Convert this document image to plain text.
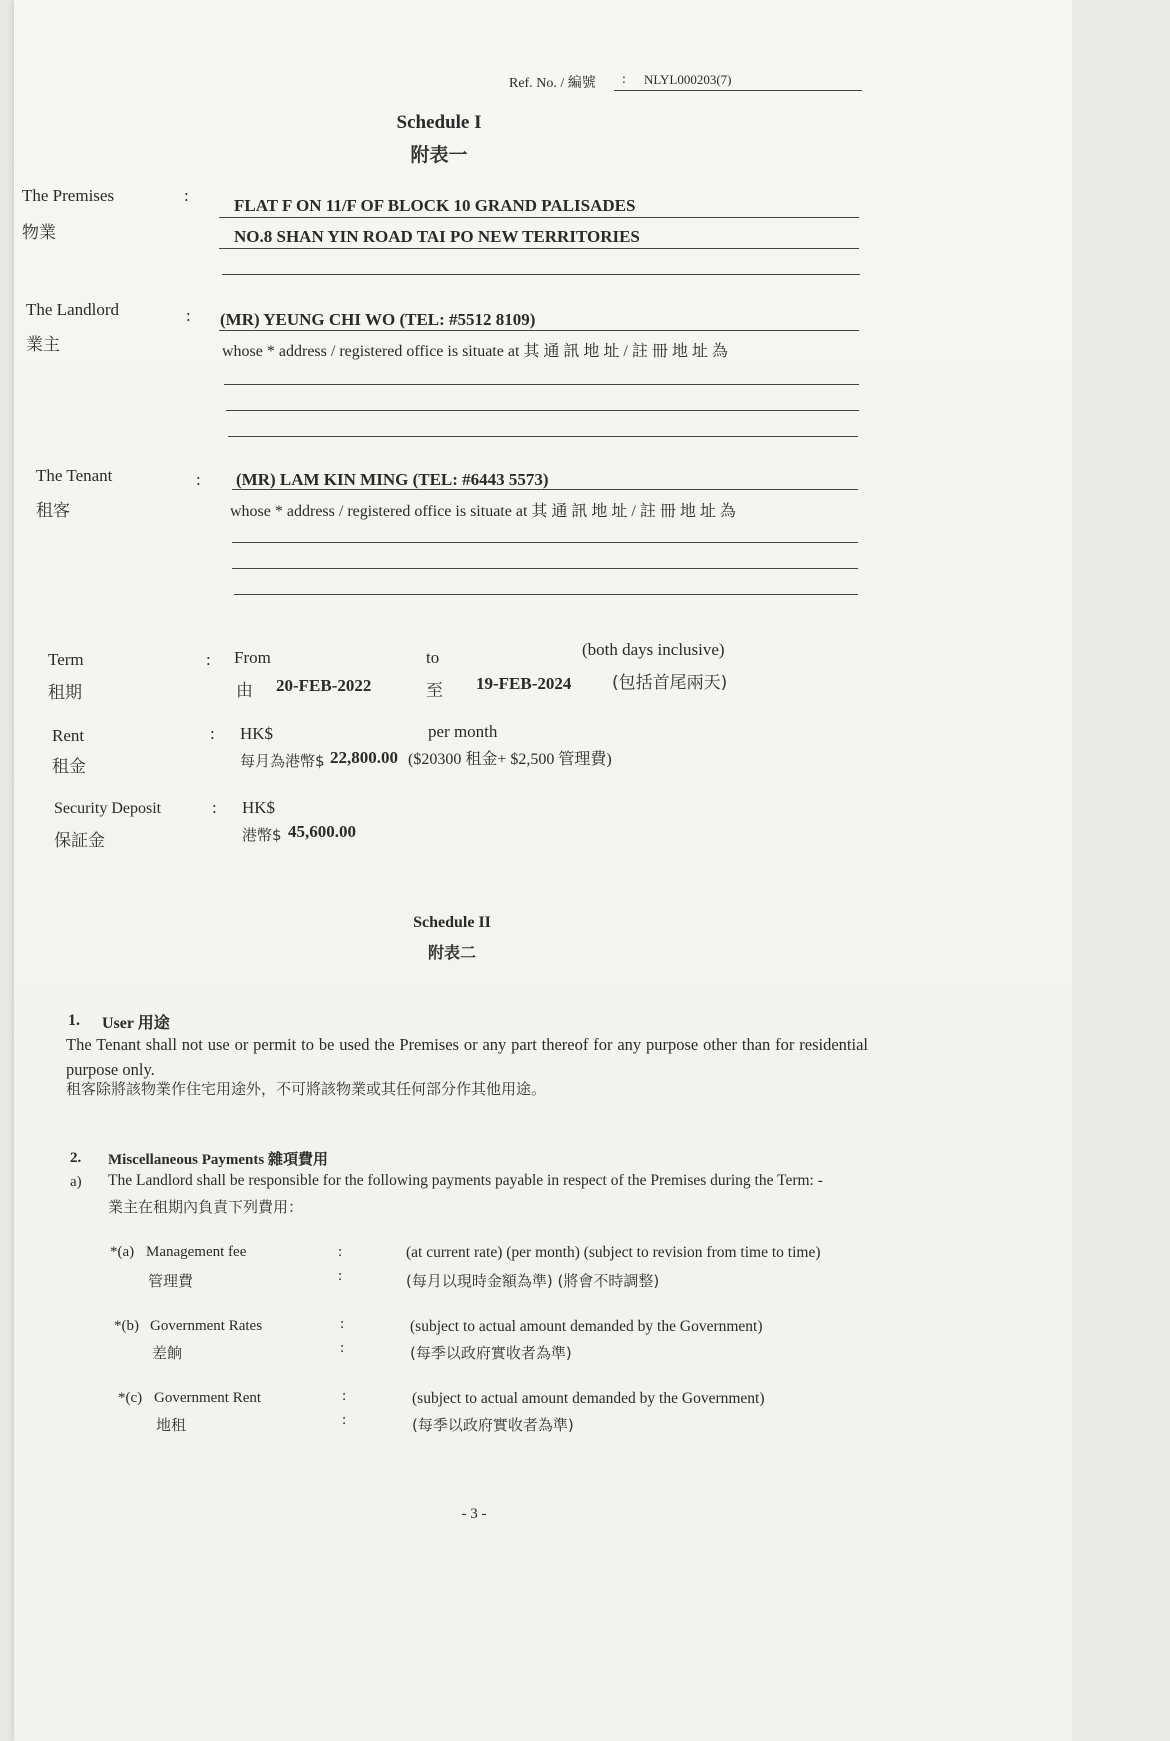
Ref. No. / 編號 : NLYL000203(7)
Schedule I
附表一
The Premises
物業
:
FLAT F ON 11/F OF BLOCK 10 GRAND PALISADES
NO.8 SHAN YIN ROAD TAI PO NEW TERRITORIES
The Landlord
業主
: (MR) YEUNG CHI WO (TEL: #5512 8109)
whose * address / registered office is situate at 其 通 訊 地 址 / 註 冊 地 址 為
The Tenant
租客
: (MR) LAM KIN MING (TEL: #6443 5573)
whose * address / registered office is situate at 其 通 訊 地 址 / 註 冊 地 址 為
Term
租期
: From
由 20-FEB-2022
to
至 19-FEB-2024
(both days inclusive)
(包括首尾兩天)
Rent
租金
: HK$	per month
每月為港幣$ 22,800.00 ($20300 租金+ $2,500 管理費)
Security Deposit
保証金
: HK$
港幣$ 45,600.00
Schedule II
附表二
1. User 用途
The Tenant shall not use or permit to be used the Premises or any part thereof for any purpose other than for residential purpose only.
租客除將該物業作住宅用途外，不可將該物業或其任何部分作其他用途。
2. Miscellaneous Payments 雜項費用
a) The Landlord shall be responsible for the following payments payable in respect of the Premises during the Term: -
業主在租期內負責下列費用：
*(a) Management fee
管理費
:
:
(at current rate) (per month) (subject to revision from time to time)
(每月以現時金額為準) (將會不時調整)
*(b) Government Rates
差餉
:
:
(subject to actual amount demanded by the Government)
(每季以政府實收者為準)
*(c) Government Rent
地租
:
:
(subject to actual amount demanded by the Government)
(每季以政府實收者為準)
- 3 -
